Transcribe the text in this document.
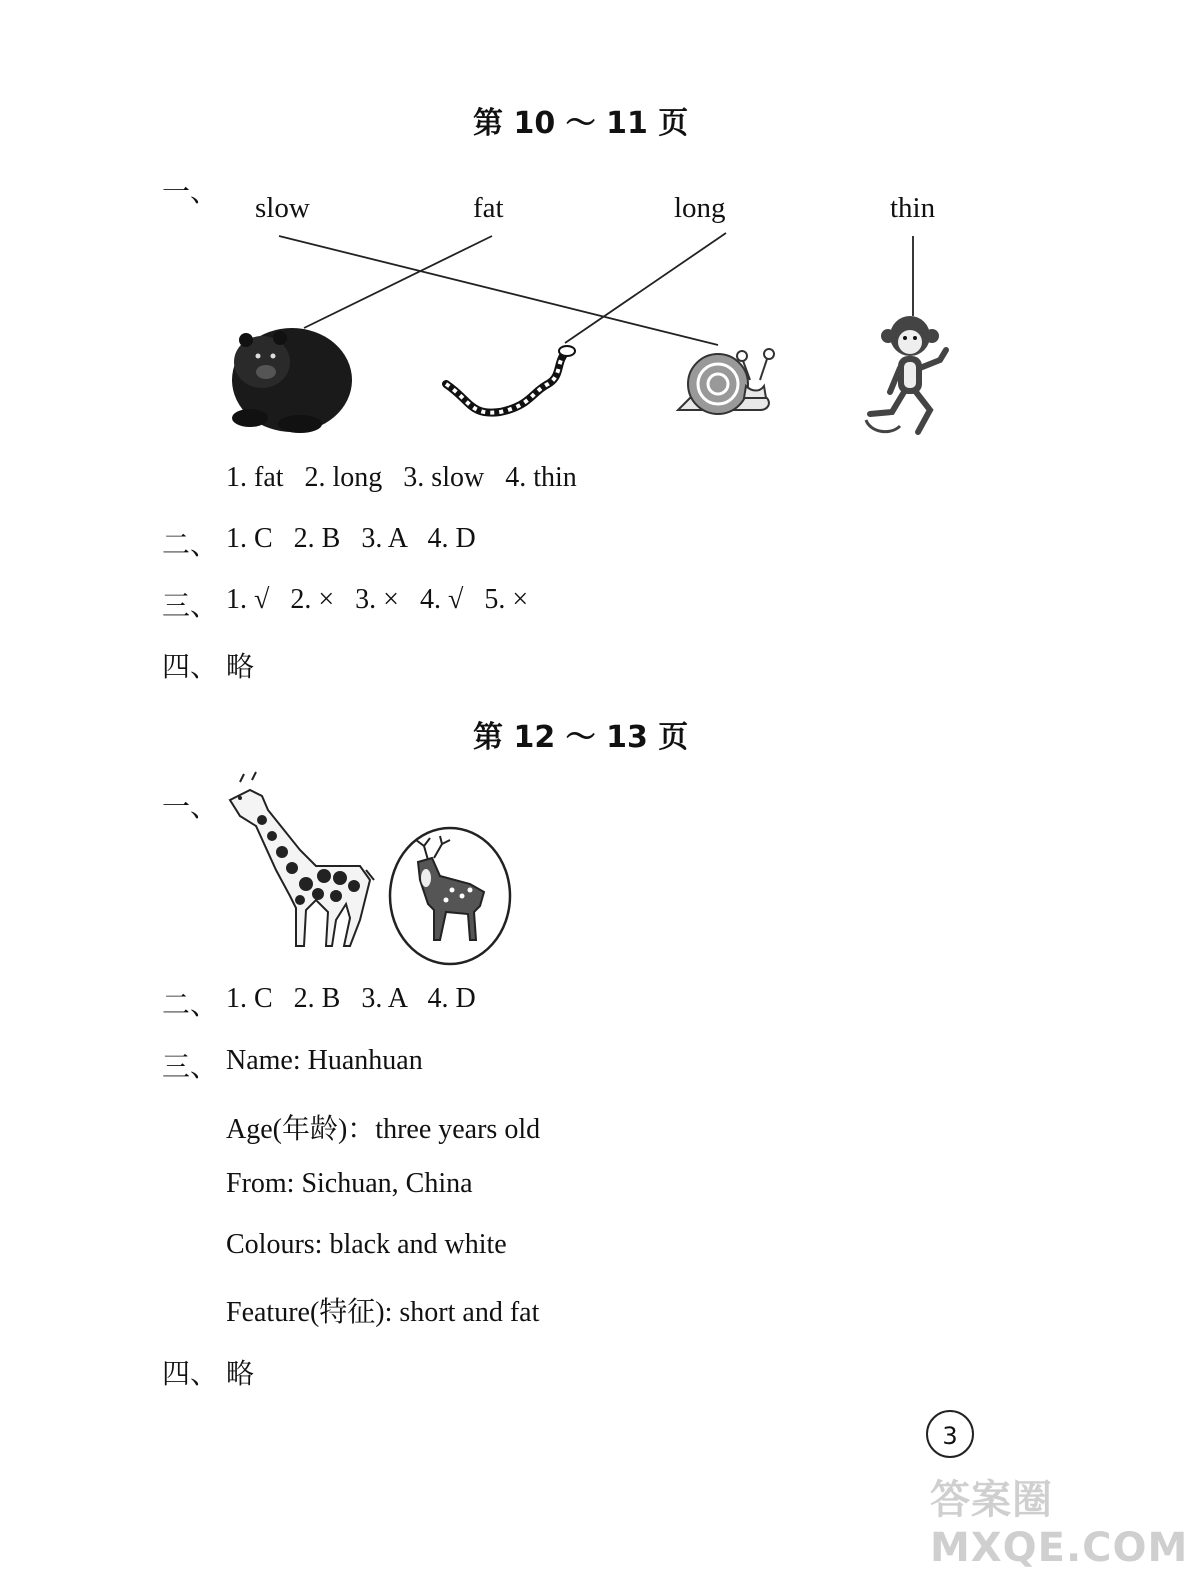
第 10 ～ 11 页
一、 slow	fat	long	thin
1. fat   2. long   3. slow   4. thin
二、 1. C   2. B   3. A   4. D
三、 1. √   2. ×   3. ×   4. √   5. ×
四、 略
第 12 ～ 13 页
一、
二、 1. C   2. B   3. A   4. D
三、 Name: Huanhuan
Age(年龄)：three years old
From: Sichuan, China
Colours: black and white
Feature(特征): short and fat
四、 略
3
答案圈 MXQE.COM
